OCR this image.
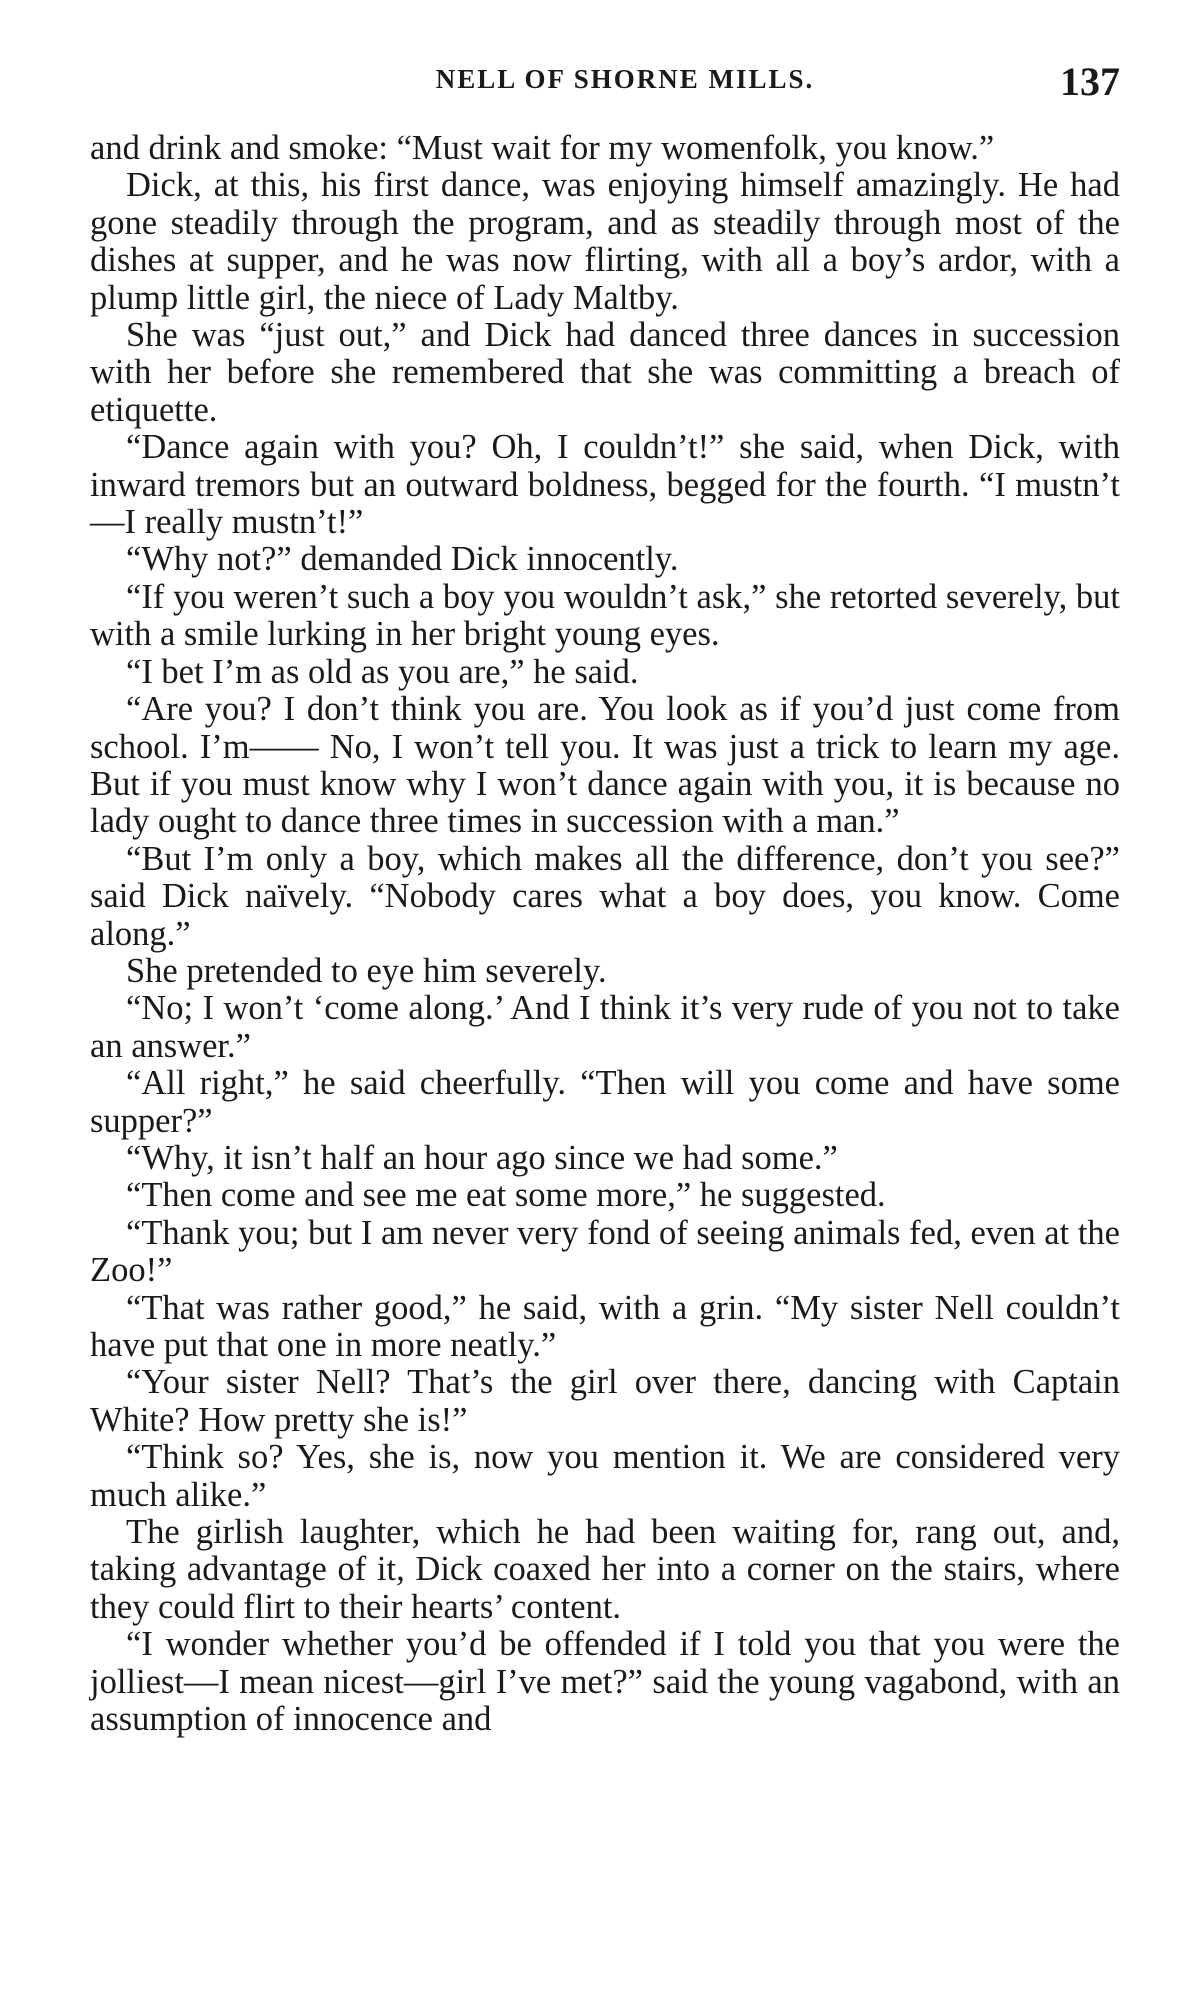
NELL OF SHORNE MILLS.	137

and drink and smoke: “Must wait for my womenfolk, you know.”

Dick, at this, his first dance, was enjoying himself amazingly. He had gone steadily through the program, and as steadily through most of the dishes at supper, and he was now flirting, with all a boy’s ardor, with a plump little girl, the niece of Lady Maltby.

She was “just out,” and Dick had danced three dances in succession with her before she remembered that she was committing a breach of etiquette.

“Dance again with you? Oh, I couldn’t!” she said, when Dick, with inward tremors but an outward boldness, begged for the fourth. “I mustn’t—I really mustn’t!”

“Why not?” demanded Dick innocently.

“If you weren’t such a boy you wouldn’t ask,” she retorted severely, but with a smile lurking in her bright young eyes.

“I bet I’m as old as you are,” he said.

“Are you? I don’t think you are. You look as if you’d just come from school. I’m—— No, I won’t tell you. It was just a trick to learn my age. But if you must know why I won’t dance again with you, it is because no lady ought to dance three times in succession with a man.”

“But I’m only a boy, which makes all the difference, don’t you see?” said Dick naïvely. “Nobody cares what a boy does, you know. Come along.”

She pretended to eye him severely.

“No; I won’t ‘come along.’ And I think it’s very rude of you not to take an answer.”

“All right,” he said cheerfully. “Then will you come and have some supper?”

“Why, it isn’t half an hour ago since we had some.”

“Then come and see me eat some more,” he suggested.

“Thank you; but I am never very fond of seeing animals fed, even at the Zoo!”

“That was rather good,” he said, with a grin. “My sister Nell couldn’t have put that one in more neatly.”

“Your sister Nell? That’s the girl over there, dancing with Captain White? How pretty she is!”

“Think so? Yes, she is, now you mention it. We are considered very much alike.”

The girlish laughter, which he had been waiting for, rang out, and, taking advantage of it, Dick coaxed her into a corner on the stairs, where they could flirt to their hearts’ content.

“I wonder whether you’d be offended if I told you that you were the jolliest—I mean nicest—girl I’ve met?” said the young vagabond, with an assumption of innocence and
